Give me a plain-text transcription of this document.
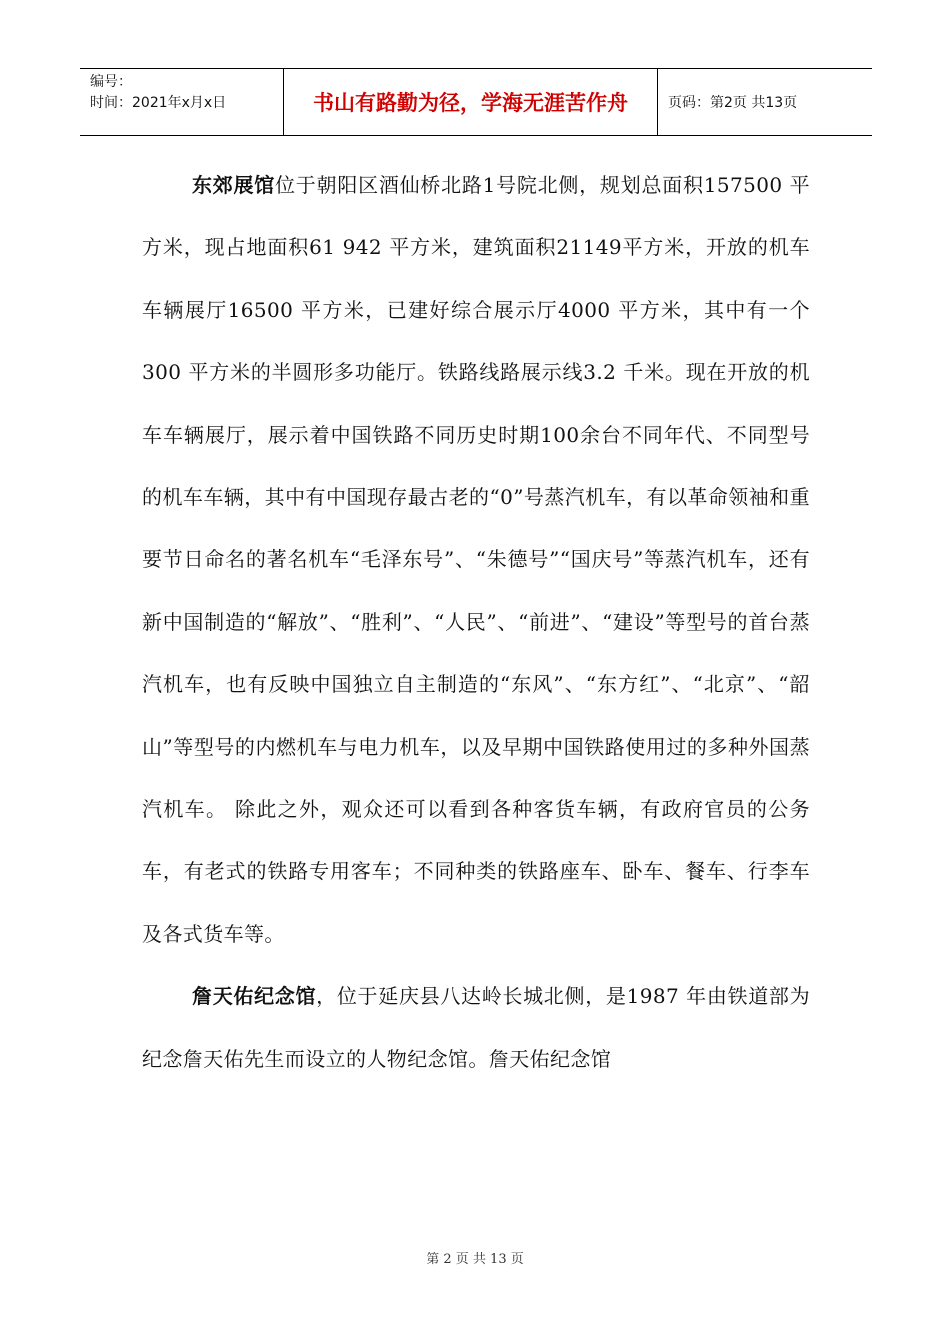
编号：
时间：2021年x月x日	书山有路勤为径，学海无涯苦作舟	页码：第2页 共13页

东郊展馆位于朝阳区酒仙桥北路1号院北侧，规划总面积157500 平方米，现占地面积61 942 平方米，建筑面积21149平方米，开放的机车车辆展厅16500 平方米，已建好综合展示厅4000 平方米，其中有一个300 平方米的半圆形多功能厅。铁路线路展示线3.2 千米。现在开放的机车车辆展厅，展示着中国铁路不同历史时期100余台不同年代、不同型号的机车车辆，其中有中国现存最古老的“0”号蒸汽机车，有以革命领袖和重要节日命名的著名机车“毛泽东号”、“朱德号”“国庆号”等蒸汽机车，还有新中国制造的“解放”、“胜利”、“人民”、“前进”、“建设”等型号的首台蒸汽机车，也有反映中国独立自主制造的“东风”、“东方红”、“北京”、“韶山”等型号的内燃机车与电力机车，以及早期中国铁路使用过的多种外国蒸汽机车。 除此之外，观众还可以看到各种客货车辆，有政府官员的公务车，有老式的铁路专用客车；不同种类的铁路座车、卧车、餐车、行李车及各式货车等。

詹天佑纪念馆，位于延庆县八达岭长城北侧，是1987 年由铁道部为纪念詹天佑先生而设立的人物纪念馆。詹天佑纪念馆

第 2 页 共 13 页
